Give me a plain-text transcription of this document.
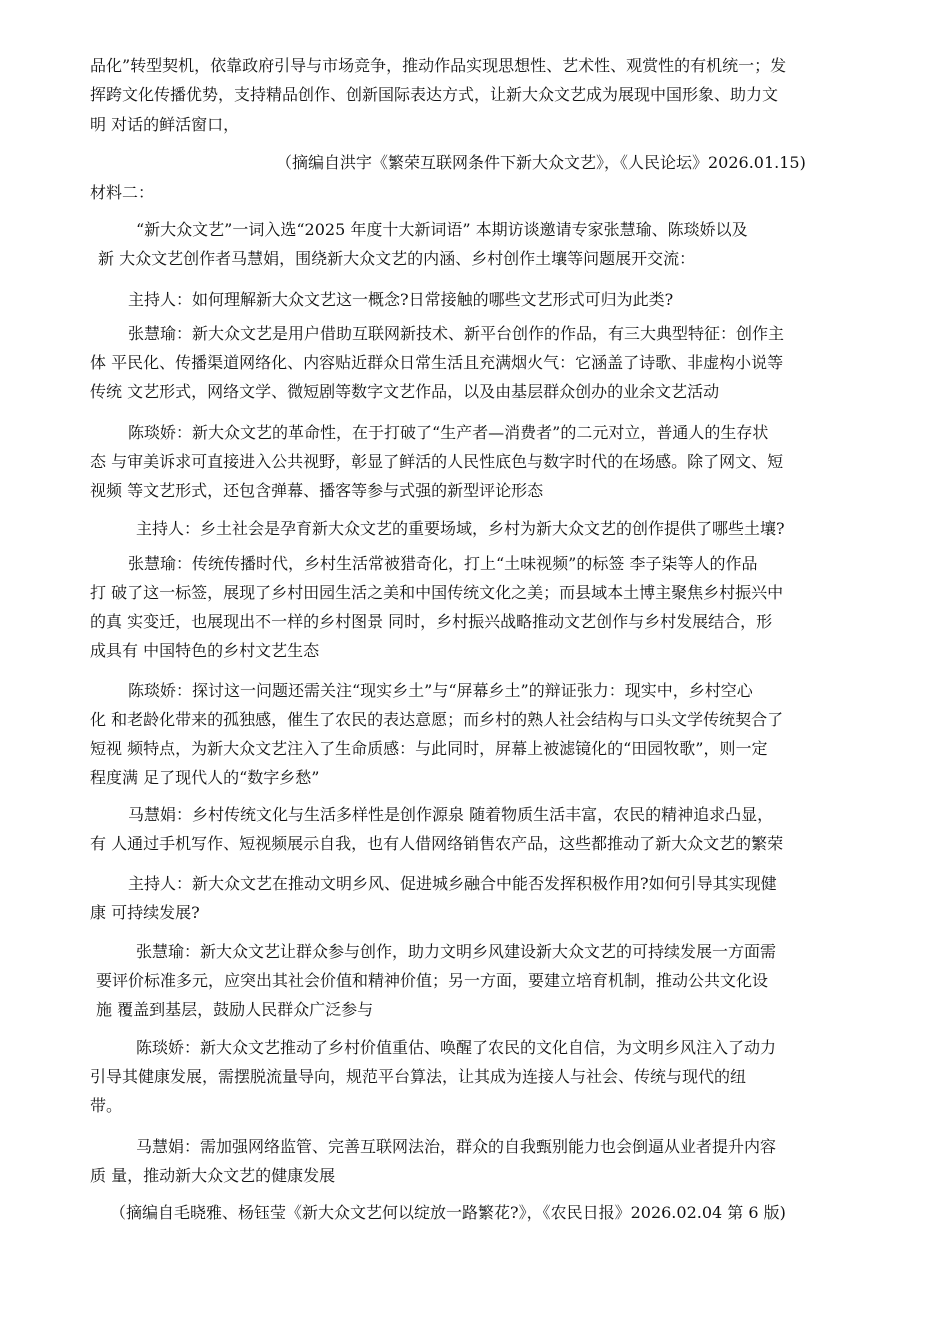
品化”转型契机，依靠政府引导与市场竞争，推动作品实现思想性、艺术性、观赏性的有机统一；发
挥跨文化传播优势，支持精品创作、创新国际表达方式，让新大众文艺成为展现中国形象、助力文
明 对话的鲜活窗口，
（摘编自洪宇《繁荣互联网条件下新大众文艺》，《人民论坛》2026.01.15)
材料二：
“新大众文艺”一词入选“2025 年度十大新词语” 本期访谈邀请专家张慧瑜、陈琰娇以及
新 大众文艺创作者马慧娟，围绕新大众文艺的内涵、乡村创作土壤等问题展开交流：
主持人：如何理解新大众文艺这一概念?日常接触的哪些文艺形式可归为此类?
张慧瑜：新大众文艺是用户借助互联网新技术、新平台创作的作品，有三大典型特征：创作主
体 平民化、传播渠道网络化、内容贴近群众日常生活且充满烟火气：它涵盖了诗歌、非虚构小说等
传统 文艺形式，网络文学、微短剧等数字文艺作品，以及由基层群众创办的业余文艺活动
陈琰娇：新大众文艺的革命性，在于打破了“生产者—消费者”的二元对立，普通人的生存状
态 与审美诉求可直接进入公共视野，彰显了鲜活的人民性底色与数字时代的在场感。除了网文、短
视频 等文艺形式，还包含弹幕、播客等参与式强的新型评论形态
主持人：乡土社会是孕育新大众文艺的重要场域，乡村为新大众文艺的创作提供了哪些土壤?
张慧瑜：传统传播时代，乡村生活常被猎奇化，打上“土味视频”的标签 李子柒等人的作品
打 破了这一标签，展现了乡村田园生活之美和中国传统文化之美；而县域本土博主聚焦乡村振兴中
的真 实变迁，也展现出不一样的乡村图景 同时，乡村振兴战略推动文艺创作与乡村发展结合，形
成具有 中国特色的乡村文艺生态
陈琰娇：探讨这一问题还需关注“现实乡土”与“屏幕乡土”的辩证张力：现实中，乡村空心
化 和老龄化带来的孤独感，催生了农民的表达意愿；而乡村的熟人社会结构与口头文学传统契合了
短视 频特点，为新大众文艺注入了生命质感：与此同时，屏幕上被滤镜化的“田园牧歌”，则一定
程度满 足了现代人的“数字乡愁”
马慧娟：乡村传统文化与生活多样性是创作源泉 随着物质生活丰富，农民的精神追求凸显，
有 人通过手机写作、短视频展示自我，也有人借网络销售农产品，这些都推动了新大众文艺的繁荣
主持人：新大众文艺在推动文明乡风、促进城乡融合中能否发挥积极作用?如何引导其实现健
康 可持续发展?
张慧瑜：新大众文艺让群众参与创作，助力文明乡风建设新大众文艺的可持续发展一方面需
要评价标准多元，应突出其社会价值和精神价值；另一方面，要建立培育机制，推动公共文化设
施 覆盖到基层，鼓励人民群众广泛参与
陈琰娇：新大众文艺推动了乡村价值重估、唤醒了农民的文化自信，为文明乡风注入了动力
引导其健康发展，需摆脱流量导向，规范平台算法，让其成为连接人与社会、传统与现代的纽
带。
马慧娟：需加强网络监管、完善互联网法治，群众的自我甄别能力也会倒逼从业者提升内容
质 量，推动新大众文艺的健康发展
（摘编自毛晓雅、杨钰莹《新大众文艺何以绽放一路繁花?》，《农民日报》2026.02.04 第 6 版)
